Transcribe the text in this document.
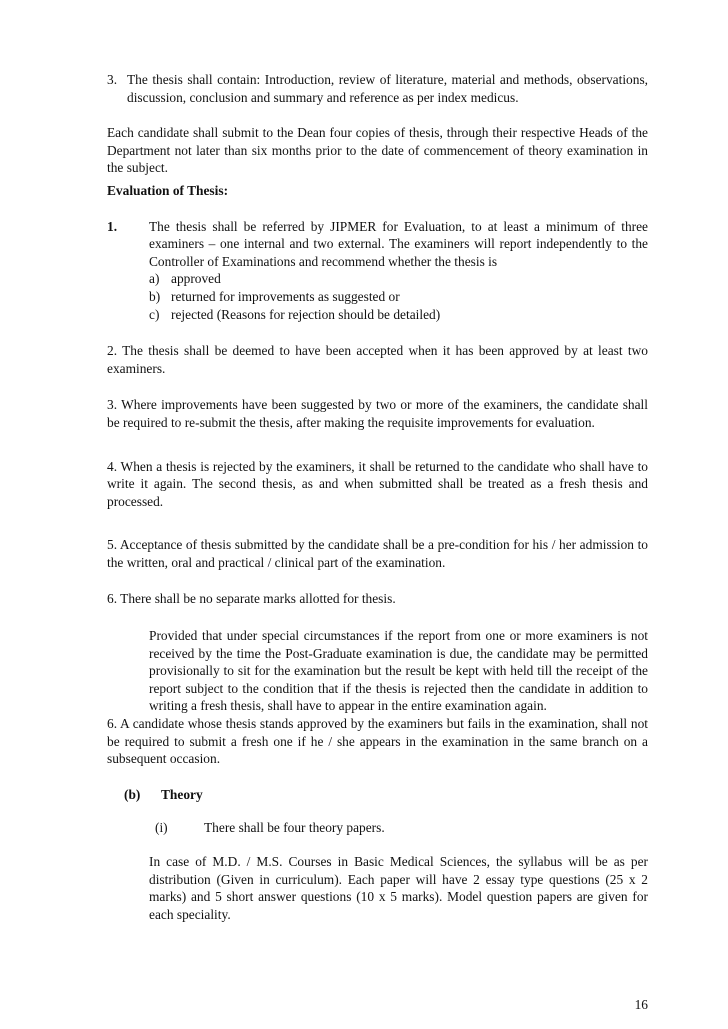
3. The thesis shall contain: Introduction, review of literature, material and methods, observations, discussion, conclusion and summary and reference as per index medicus.

Each candidate shall submit to the Dean four copies of thesis, through their respective Heads of the Department not later than six months prior to the date of commencement of theory examination in the subject.

Evaluation of Thesis:
1.	The thesis shall be referred by JIPMER for Evaluation, to at least a minimum of three examiners – one internal and two external. The examiners will report independently to the Controller of Examinations and recommend whether the thesis is

a) approved
b) returned for improvements as suggested or
c) rejected (Reasons for rejection should be detailed)

2. The thesis shall be deemed to have been accepted when it has been approved by at least two examiners.

3. Where improvements have been suggested by two or more of the examiners, the candidate shall be required to re-submit the thesis, after making the requisite improvements for evaluation.

4. When a thesis is rejected by the examiners, it shall be returned to the candidate who shall have to write it again. The second thesis, as and when submitted shall be treated as a fresh thesis and processed.

5. Acceptance of thesis submitted by the candidate shall be a pre-condition for his / her admission to the written, oral and practical / clinical part of the examination.

6. There shall be no separate marks allotted for thesis.

Provided that under special circumstances if the report from one or more examiners is not received by the time the Post-Graduate examination is due, the candidate may be permitted provisionally to sit for the examination but the result be kept with held till the receipt of the report subject to the condition that if the thesis is rejected then the candidate in addition to writing a fresh thesis, shall have to appear in the entire examination again.

6. A candidate whose thesis stands approved by the examiners but fails in the examination, shall not be required to submit a fresh one if he / she appears in the examination in the same branch on a subsequent occasion.

(b)	Theory
(i)	There shall be four theory papers.

In case of M.D. / M.S. Courses in Basic Medical Sciences, the syllabus will be as per distribution (Given in curriculum). Each paper will have 2 essay type questions (25 x 2 marks) and 5 short answer questions (10 x 5 marks). Model question papers are given for each speciality.

16
